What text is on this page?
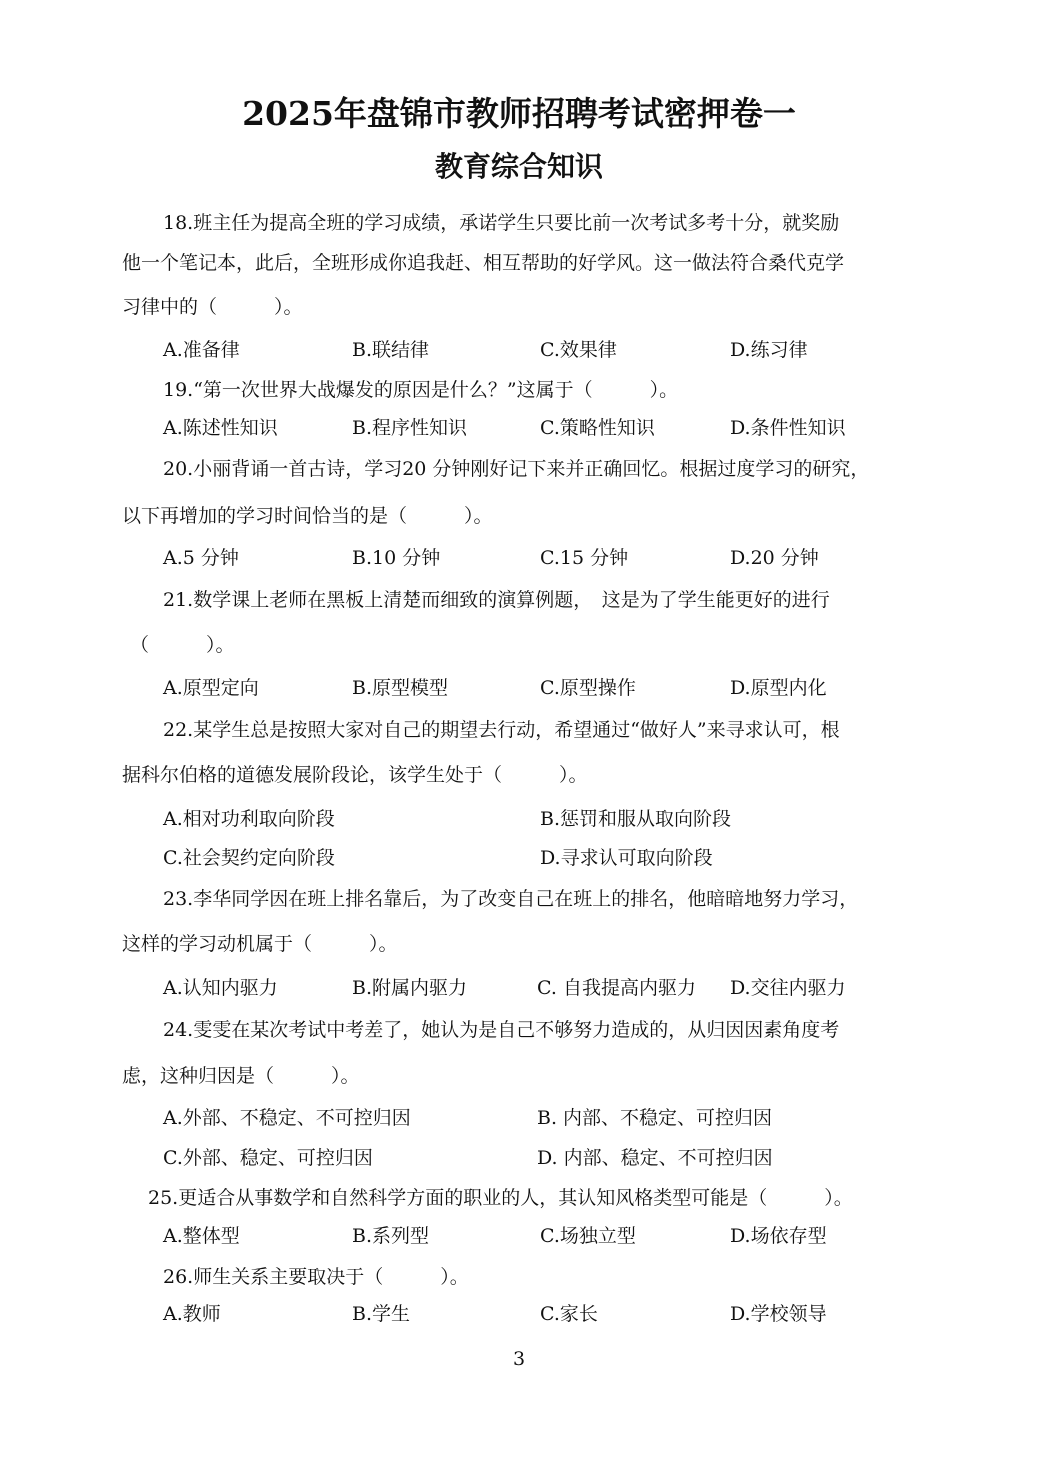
2025年盘锦市教师招聘考试密押卷一
教育综合知识
18.班主任为提高全班的学习成绩，承诺学生只要比前一次考试多考十分，就奖励
他一个笔记本，此后，全班形成你追我赶、相互帮助的好学风。这一做法符合桑代克学
习律中的（　　　）。
A.准备律	B.联结律	C.效果律	D.练习律
19.“第一次世界大战爆发的原因是什么？”这属于（　　　）。
A.陈述性知识	B.程序性知识	C.策略性知识	D.条件性知识
20.小丽背诵一首古诗，学习20 分钟刚好记下来并正确回忆。根据过度学习的研究，
以下再增加的学习时间恰当的是（　　　）。
A.5 分钟	B.10 分钟	C.15 分钟	D.20 分钟
21.数学课上老师在黑板上清楚而细致的演算例题，　这是为了学生能更好的进行
（　　　）。
A.原型定向	B.原型模型	C.原型操作	D.原型内化
22.某学生总是按照大家对自己的期望去行动，希望通过“做好人”来寻求认可，根
据科尔伯格的道德发展阶段论，该学生处于（　　　）。
A.相对功利取向阶段	B.惩罚和服从取向阶段
C.社会契约定向阶段	D.寻求认可取向阶段
23.李华同学因在班上排名靠后，为了改变自己在班上的排名，他暗暗地努力学习，
这样的学习动机属于（　　　）。
A.认知内驱力	B.附属内驱力	C. 自我提高内驱力 D.交往内驱力
24.雯雯在某次考试中考差了，她认为是自己不够努力造成的，从归因因素角度考
虑，这种归因是（　　　）。
A.外部、不稳定、不可控归因	B. 内部、不稳定、可控归因
C.外部、稳定、可控归因	D. 内部、稳定、不可控归因
25.更适合从事数学和自然科学方面的职业的人，其认知风格类型可能是（　　　）。
A.整体型	B.系列型	C.场独立型	D.场依存型
26.师生关系主要取决于（　　　）。
A.教师	B.学生	C.家长	D.学校领导
3
